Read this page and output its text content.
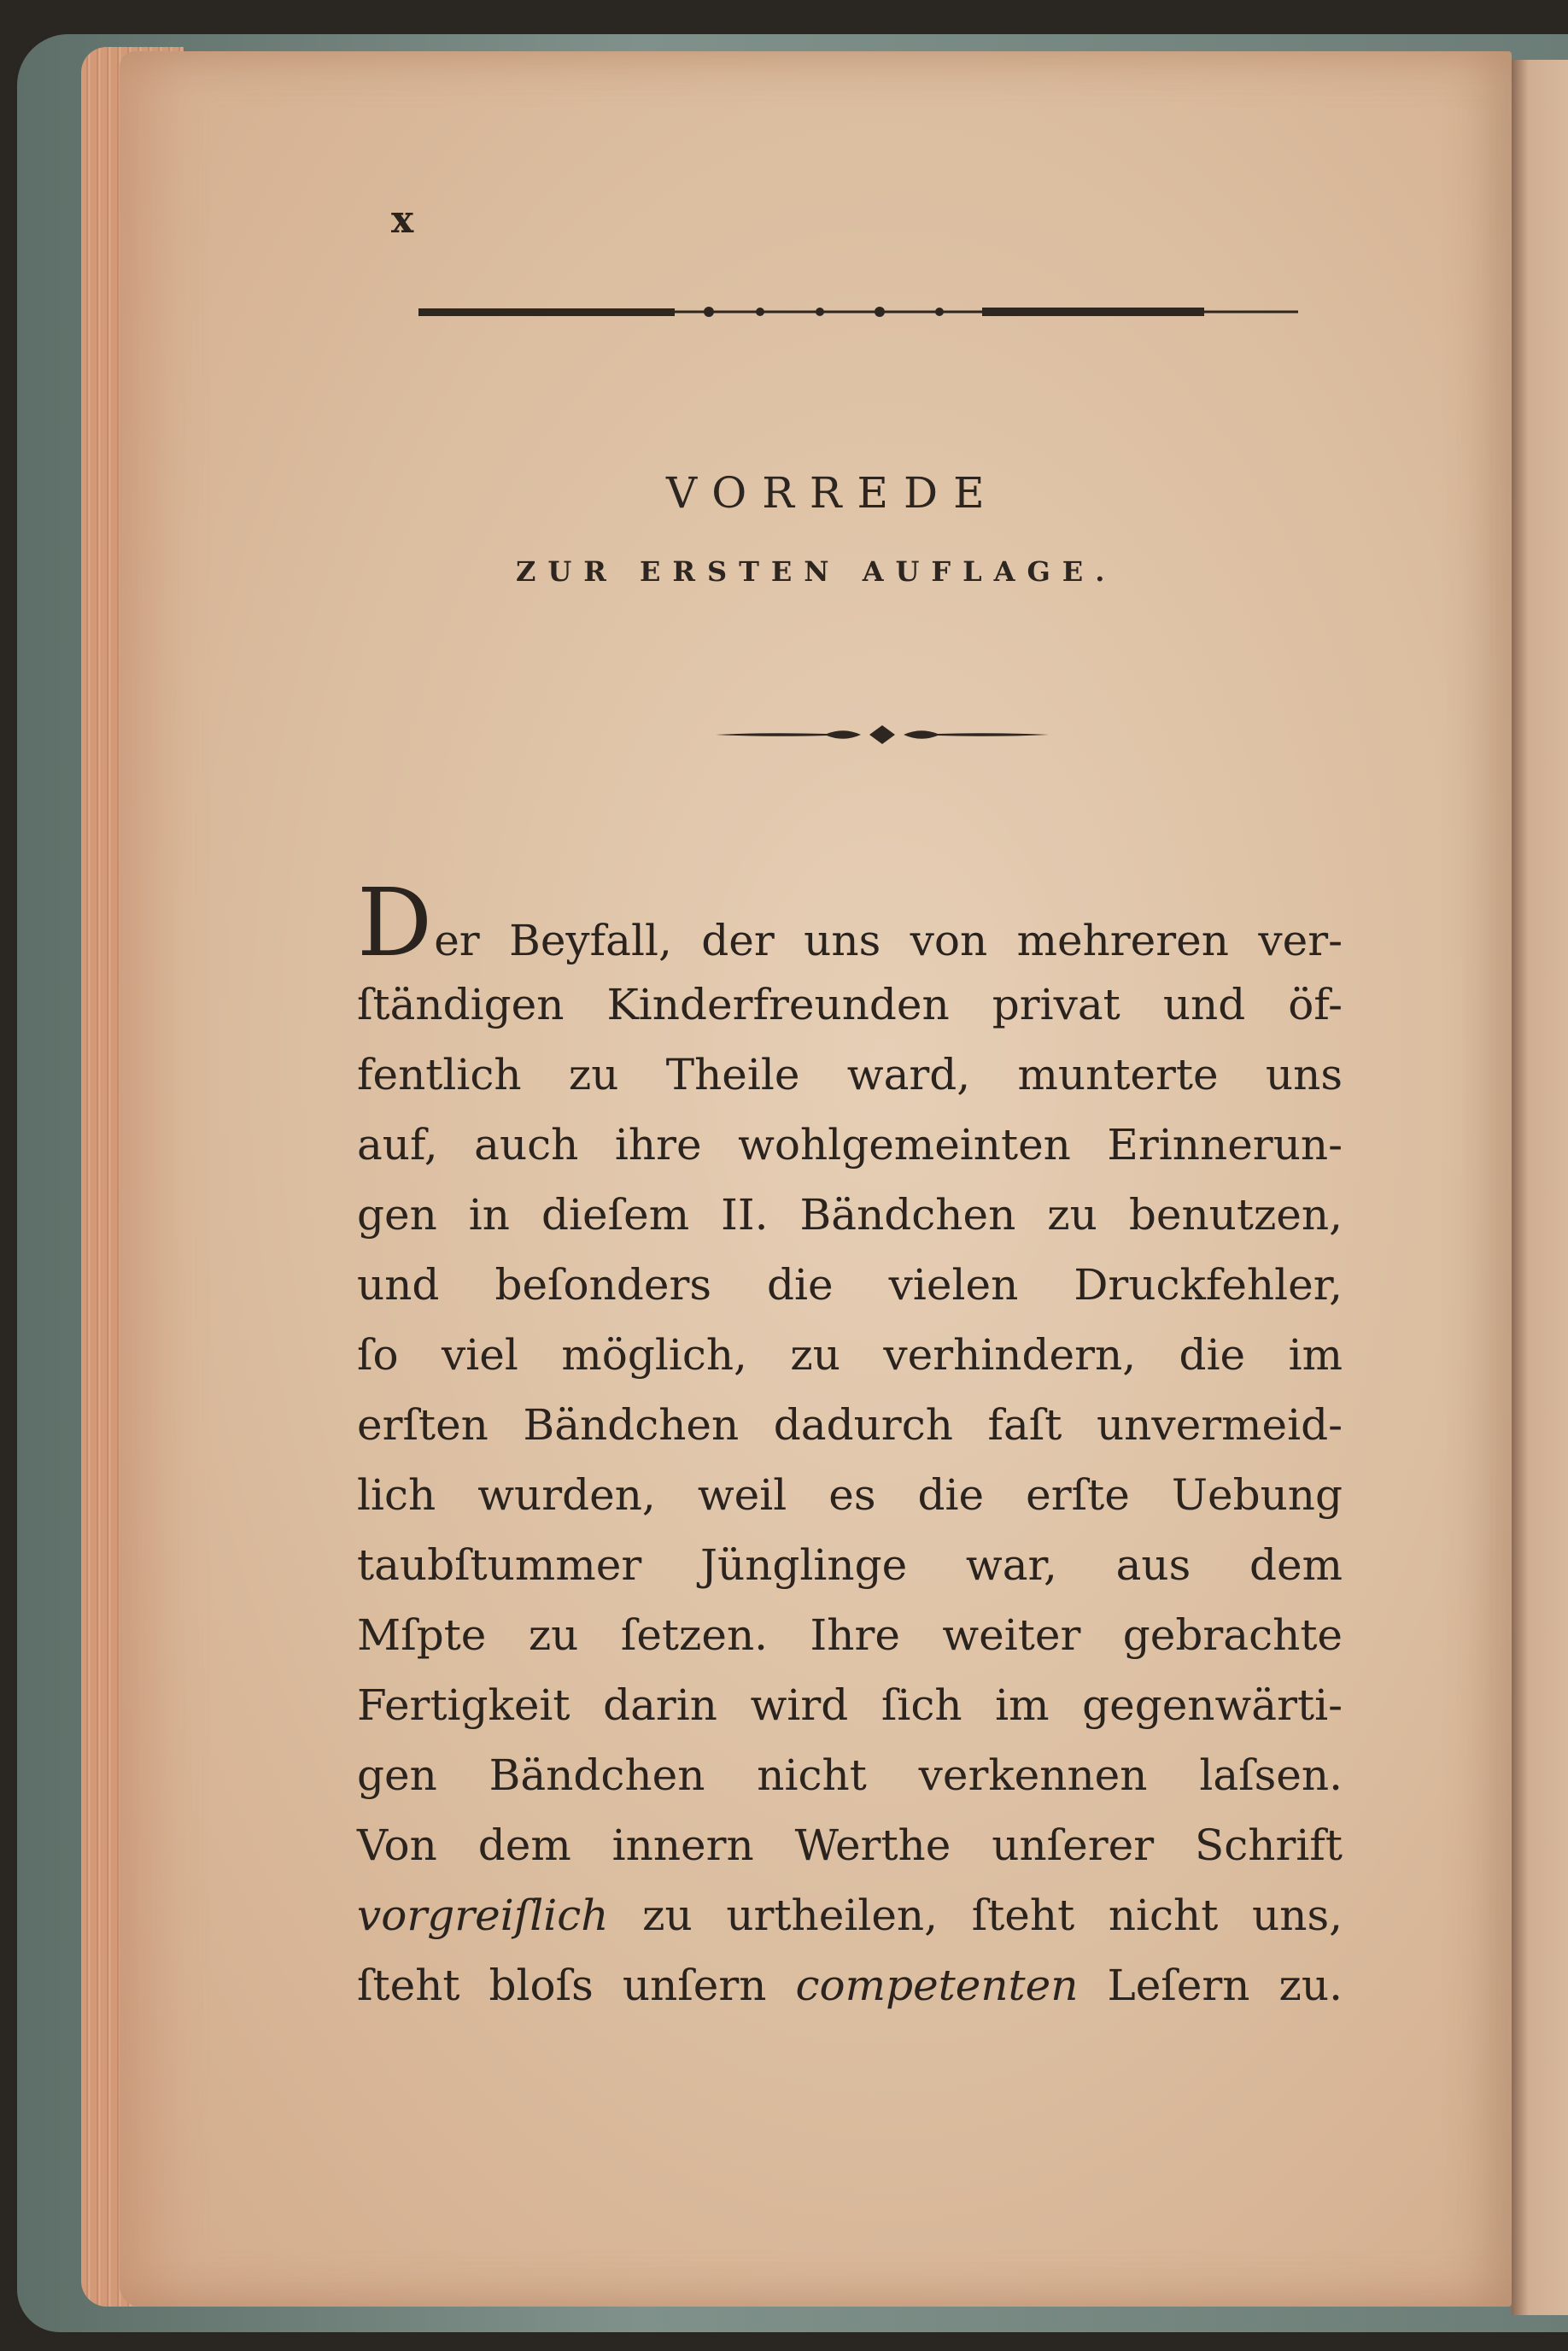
x

VORREDE
ZUR ERSTEN AUFLAGE.
Der Beyfall, der uns von mehreren ver-
ſtändigen Kinderfreunden privat und öf-
fentlich zu Theile ward, munterte uns
auf, auch ihre wohlgemeinten Erinnerun-
gen in dieſem II. Bändchen zu benutzen,
und beſonders die vielen Druckfehler,
ſo viel möglich, zu verhindern, die im
erſten Bändchen dadurch faſt unvermeid-
lich wurden, weil es die erſte Uebung
taubſtummer Jünglinge war, aus dem
Mſpte zu ſetzen. Ihre weiter gebrachte
Fertigkeit darin wird ſich im gegenwärti-
gen Bändchen nicht verkennen laſsen.
Von dem innern Werthe unſerer Schrift
vorgreiſlich zu urtheilen, ſteht nicht uns,
ſteht bloſs unſern competenten Leſern zu.
